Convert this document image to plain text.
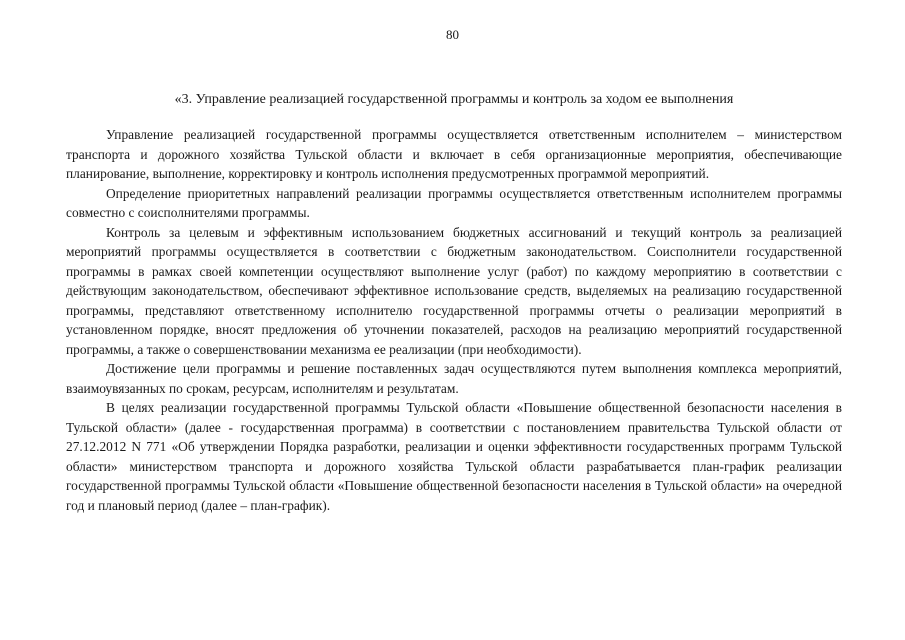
80
«3. Управление реализацией государственной программы и контроль за ходом ее выполнения

Управление реализацией государственной программы осуществляется ответственным исполнителем – министерством транспорта и дорожного хозяйства Тульской области и включает в себя организационные мероприятия, обеспечивающие планирование, выполнение, корректировку и контроль исполнения предусмотренных программой мероприятий.

Определение приоритетных направлений реализации программы осуществляется ответственным исполнителем программы совместно с соисполнителями программы.

Контроль за целевым и эффективным использованием бюджетных ассигнований и текущий контроль за реализацией мероприятий программы осуществляется в соответствии с бюджетным законодательством. Соисполнители государственной программы в рамках своей компетенции осуществляют выполнение услуг (работ) по каждому мероприятию в соответствии с действующим законодательством, обеспечивают эффективное использование средств, выделяемых на реализацию государственной программы, представляют ответственному исполнителю государственной программы отчеты о реализации мероприятий в установленном порядке, вносят предложения об уточнении показателей, расходов на реализацию мероприятий государственной программы, а также о совершенствовании механизма ее реализации (при необходимости).

Достижение цели программы и решение поставленных задач осуществляются путем выполнения комплекса мероприятий, взаимоувязанных по срокам, ресурсам, исполнителям и результатам.

В целях реализации государственной программы Тульской области «Повышение общественной безопасности населения в Тульской области» (далее - государственная программа) в соответствии с постановлением правительства Тульской области от 27.12.2012 N 771 «Об утверждении Порядка разработки, реализации и оценки эффективности государственных программ Тульской области» министерством транспорта и дорожного хозяйства Тульской области разрабатывается план-график реализации государственной программы Тульской области «Повышение общественной безопасности населения в Тульской области» на очередной год и плановый период (далее – план-график).
